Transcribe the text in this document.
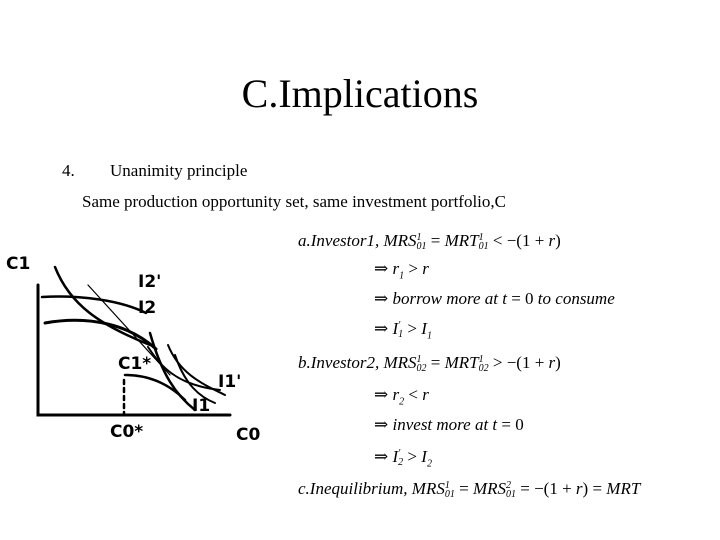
C.Implications
4. Unanimity principle
Same production opportunity set, same investment portfolio,C
C1
C0
I2'
I2
C1*
I1'
I1
C0*
a.Investor1, MRS 1
01 = MRT 1
01 < −(1 + r)
⇒ $r_1 > r$
⇒ borrow more at t = 0 to consume
⇒ I '
$1 > I_1$
b.Investor2, MRS 1
02 = MRT 1
02 > −(1 + r)
⇒ $r_2 < r$
⇒ invest more at t = 0
⇒ I '
$2 > I_2$
c.Inequilibrium, MRS 1
01 = MRS 2
01 = −(1 + r) = MRT
